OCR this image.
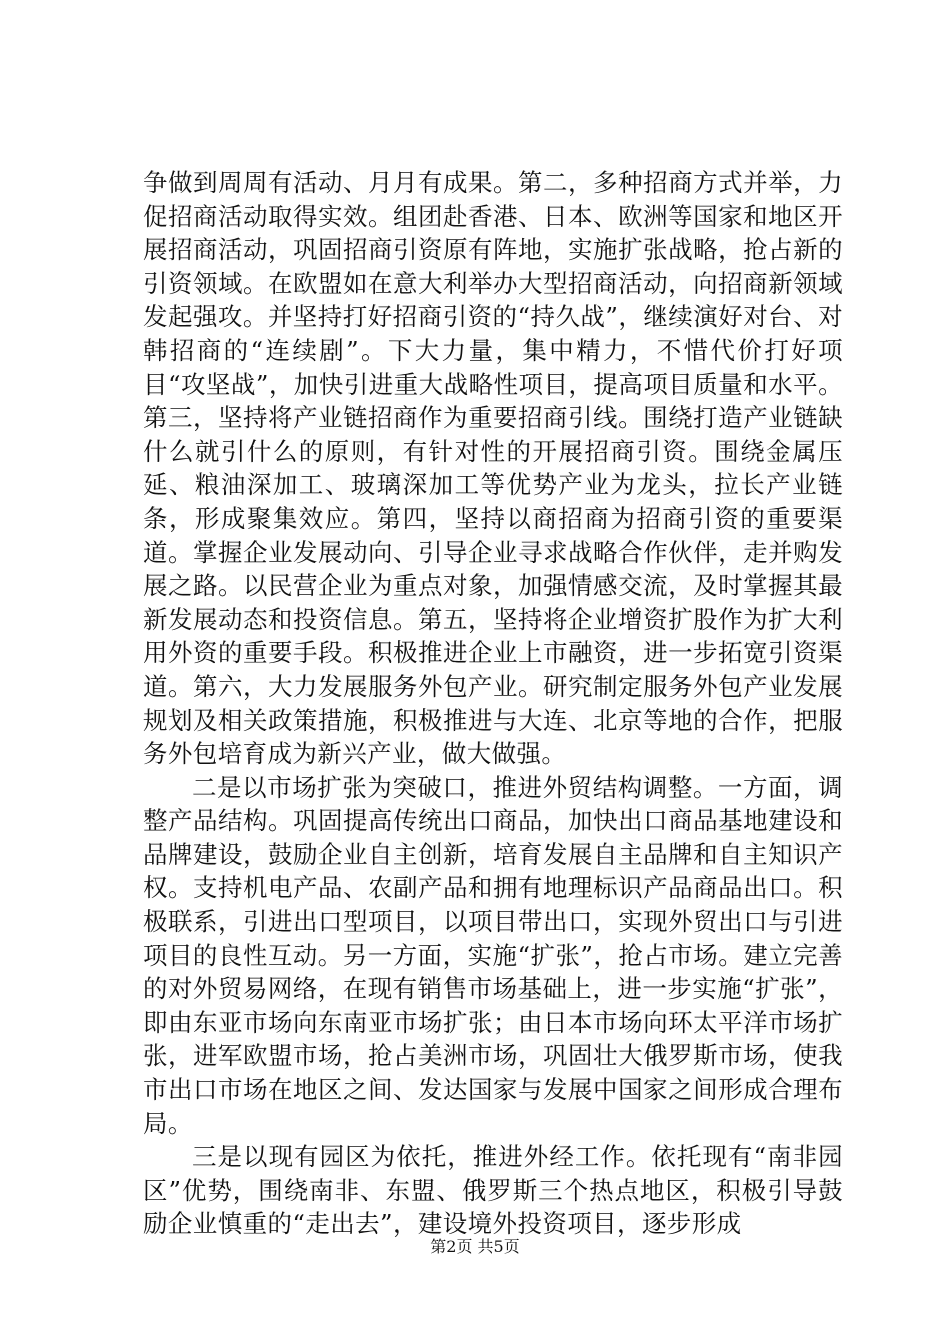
争做到周周有活动、月月有成果。第二，多种招商方式并举，力促招商活动取得实效。组团赴香港、日本、欧洲等国家和地区开展招商活动，巩固招商引资原有阵地，实施扩张战略，抢占新的引资领域。在欧盟如在意大利举办大型招商活动，向招商新领域发起强攻。并坚持打好招商引资的“持久战”，继续演好对台、对韩招商的“连续剧”。下大力量，集中精力，不惜代价打好项目“攻坚战”，加快引进重大战略性项目，提高项目质量和水平。第三，坚持将产业链招商作为重要招商引线。围绕打造产业链缺什么就引什么的原则，有针对性的开展招商引资。围绕金属压延、粮油深加工、玻璃深加工等优势产业为龙头，拉长产业链条，形成聚集效应。第四，坚持以商招商为招商引资的重要渠道。掌握企业发展动向、引导企业寻求战略合作伙伴，走并购发展之路。以民营企业为重点对象，加强情感交流，及时掌握其最新发展动态和投资信息。第五，坚持将企业增资扩股作为扩大利用外资的重要手段。积极推进企业上市融资，进一步拓宽引资渠道。第六，大力发展服务外包产业。研究制定服务外包产业发展规划及相关政策措施，积极推进与大连、北京等地的合作，把服务外包培育成为新兴产业，做大做强。

二是以市场扩张为突破口，推进外贸结构调整。一方面，调整产品结构。巩固提高传统出口商品，加快出口商品基地建设和品牌建设，鼓励企业自主创新，培育发展自主品牌和自主知识产权。支持机电产品、农副产品和拥有地理标识产品商品出口。积极联系，引进出口型项目，以项目带出口，实现外贸出口与引进项目的良性互动。另一方面，实施“扩张”，抢占市场。建立完善的对外贸易网络，在现有销售市场基础上，进一步实施“扩张”，即由东亚市场向东南亚市场扩张；由日本市场向环太平洋市场扩张，进军欧盟市场，抢占美洲市场，巩固壮大俄罗斯市场，使我市出口市场在地区之间、发达国家与发展中国家之间形成合理布局。

三是以现有园区为依托，推进外经工作。依托现有“南非园区”优势，围绕南非、东盟、俄罗斯三个热点地区，积极引导鼓励企业慎重的“走出去”，建设境外投资项目，逐步形成

第2页 共5页
